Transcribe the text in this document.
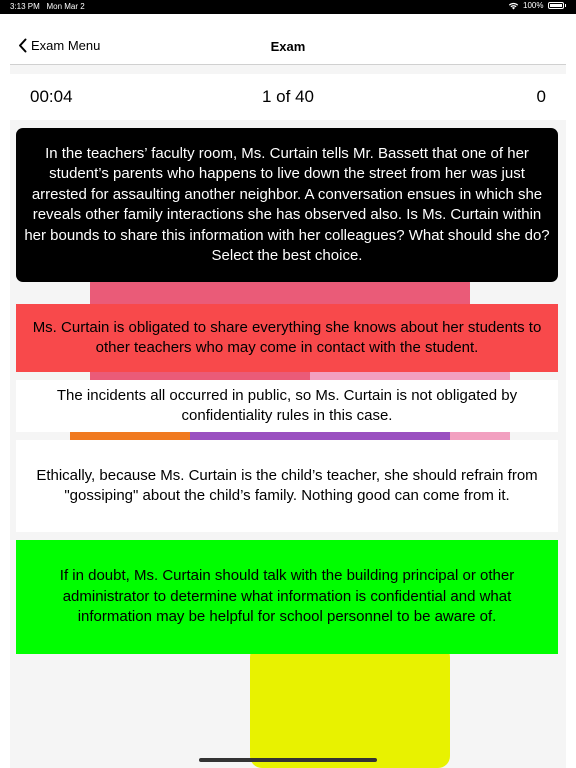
3:13 PM Mon Mar 2	100%
Exam Menu	Exam
00:04	1 of 40	0
In the teachers’ faculty room, Ms. Curtain tells Mr. Bassett that one of her student’s parents who happens to live down the street from her was just arrested for assaulting another neighbor. A conversation ensues in which she reveals other family interactions she has observed also. Is Ms. Curtain within her bounds to share this information with her colleagues? What should she do? Select the best choice.
Ms. Curtain is obligated to share everything she knows about her students to other teachers who may come in contact with the student.
The incidents all occurred in public, so Ms. Curtain is not obligated by confidentiality rules in this case.
Ethically, because Ms. Curtain is the child’s teacher, she should refrain from
"gossiping" about the child’s family. Nothing good can come from it.
If in doubt, Ms. Curtain should talk with the building principal or other
administrator to determine what information is confidential and what
information may be helpful for school personnel to be aware of.
